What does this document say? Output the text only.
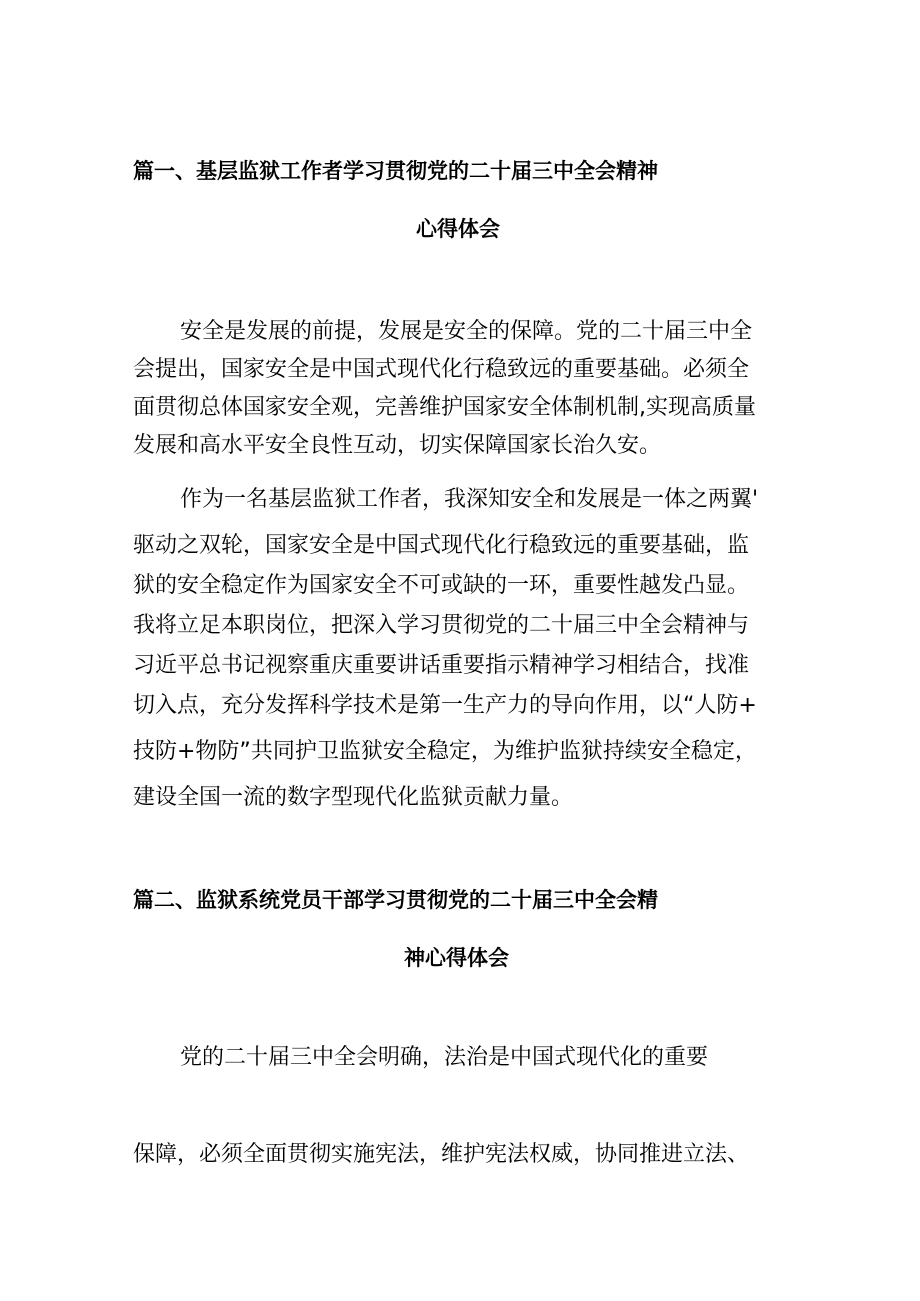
篇一、基层监狱工作者学习贯彻党的二十届三中全会精神

心得体会

安全是发展的前提，发展是安全的保障。党的二十届三中全

会提出，国家安全是中国式现代化行稳致远的重要基础。必须全

面贯彻总体国家安全观，完善维护国家安全体制机制,实现高质量

发展和高水平安全良性互动，切实保障国家长治久安。

作为一名基层监狱工作者，我深知安全和发展是一体之两翼'

驱动之双轮，国家安全是中国式现代化行稳致远的重要基础，监

狱的安全稳定作为国家安全不可或缺的一环，重要性越发凸显。

我将立足本职岗位，把深入学习贯彻党的二十届三中全会精神与

习近平总书记视察重庆重要讲话重要指示精神学习相结合，找准

切入点，充分发挥科学技术是第一生产力的导向作用，以“人防+

技防+物防”共同护卫监狱安全稳定，为维护监狱持续安全稳定，

建设全国一流的数字型现代化监狱贡献力量。

篇二、监狱系统党员干部学习贯彻党的二十届三中全会精

神心得体会

党的二十届三中全会明确，法治是中国式现代化的重要

保障，必须全面贯彻实施宪法，维护宪法权威，协同推进立法、
